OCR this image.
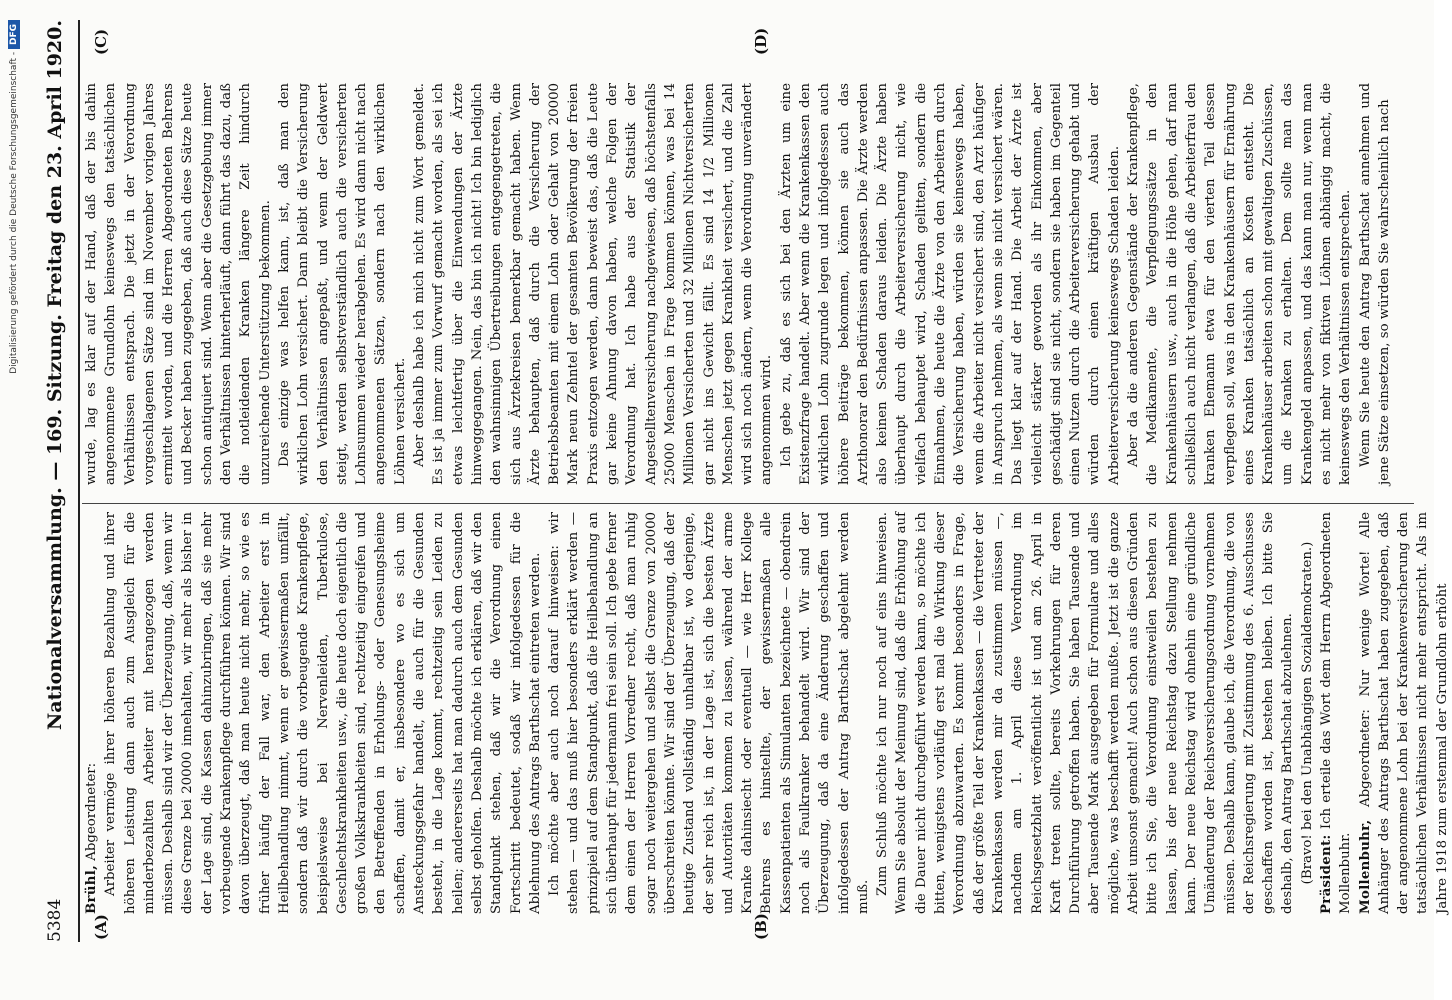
Digitalisierung gefördert durch die Deutsche Forschungsgemeinschaft - DFG
5384
Nationalversammlung. — 169. Sitzung. Freitag den 23. April 1920.
(A)	(B)
(C)	(D)

Brühl, Abgeordneter: Arbeiter vermöge ihrer höheren Bezahlung und ihrer höheren Leistung dann auch zum Ausgleich für die minderbezahlten Arbeiter mit herangezogen werden müssen. Deshalb sind wir der Überzeugung, daß, wenn wir diese Grenze bei 20000 innehalten, wir mehr als bisher in der Lage sind, die Kassen dahinzubringen, daß sie mehr vorbeugende Krankenpflege durchführen können. Wir sind davon überzeugt, daß man heute nicht mehr, so wie es früher häufig der Fall war, den Arbeiter erst in Heilbehandlung nimmt, wenn er gewissermaßen umfällt, sondern daß wir durch die vorbeugende Krankenpflege, beispielsweise bei Nervenleiden, Tuberkulose, Geschlechtskrankheiten usw., die heute doch eigentlich die großen Volkskrankheiten sind, rechtzeitig eingreifen und den Betreffenden in Erholungs- oder Genesungsheime schaffen, damit er, insbesondere wo es sich um Ansteckungsgefahr handelt, die auch für die Gesunden besteht, in die Lage kommt, rechtzeitig sein Leiden zu heilen; andererseits hat man dadurch auch dem Gesunden selbst geholfen. Deshalb möchte ich erklären, daß wir den Standpunkt stehen, daß wir die Verordnung einen Fortschritt bedeutet, sodaß wir infolgedessen für die Ablehnung des Antrags Barthschat eintreten werden. Ich möchte aber auch noch darauf hinweisen: wir stehen — und das muß hier besonders erklärt werden — prinzipiell auf dem Standpunkt, daß die Heilbehandlung an sich überhaupt für jedermann frei sein soll. Ich gebe ferner dem einen der Herren Vorredner recht, daß man ruhig sogar noch weitergehen und selbst die Grenze von 20000 überschreiten könnte. Wir sind der Überzeugung, daß der heutige Zustand vollständig unhaltbar ist, wo derjenige, der sehr reich ist, in der Lage ist, sich die besten Ärzte und Autoritäten kommen zu lassen, während der arme Kranke dahinsiecht oder eventuell — wie Herr Kollege Behrens es hinstellte, der gewissermaßen alle Kassenpatienten als Simulanten bezeichnete — obendrein noch als Faulkranker behandelt wird. Wir sind der Überzeugung, daß da eine Änderung geschaffen und infolgedessen der Antrag Barthschat abgelehnt werden muß.

Zum Schluß möchte ich nur noch auf eins hinweisen. Wenn Sie absolut der Meinung sind, daß die Erhöhung auf die Dauer nicht durchgeführt werden kann, so möchte ich bitten, wenigstens vorläufig erst mal die Wirkung dieser Verordnung abzuwarten. Es kommt besonders in Frage, daß der größte Teil der Krankenkassen — die Vertreter der Krankenkassen werden mir da zustimmen müssen —, nachdem am 1. April diese Verordnung im Reichsgesetzblatt veröffentlicht ist und am 26. April in Kraft treten sollte, bereits Vorkehrungen für deren Durchführung getroffen haben. Sie haben Tausende und aber Tausende Mark ausgegeben für Formulare und alles mögliche, was beschafft werden mußte. Jetzt ist die ganze Arbeit umsonst gemacht! Auch schon aus diesen Gründen bitte ich Sie, die Verordnung einstweilen bestehen zu lassen, bis der neue Reichstag dazu Stellung nehmen kann. Der neue Reichstag wird ohnehin eine gründliche Umänderung der Reichsversicherungsordnung vornehmen müssen. Deshalb kann, glaube ich, die Verordnung, die von der Reichsregierung mit Zustimmung des 6. Ausschusses geschaffen worden ist, bestehen bleiben. Ich bitte Sie deshalb, den Antrag Barthschat abzulehnen. (Bravo! bei den Unabhängigen Sozialdemokraten.) Präsident: Ich erteile das Wort dem Herrn Abgeordneten Mollenbuhr. Mollenbuhr, Abgeordneter: Nur wenige Worte! Alle Anhänger des Antrags Barthschat haben zugegeben, daß der angenommene Lohn bei der Krankenversicherung den tatsächlichen Verhältnissen nicht mehr entspricht. Als im Jahre 1918 zum erstenmal der Grundlohn erhöht

wurde, lag es klar auf der Hand, daß der bis dahin angenommene Grundlohn keineswegs den tatsächlichen Verhältnissen entsprach. Die jetzt in der Verordnung vorgeschlagenen Sätze sind im November vorigen Jahres ermittelt worden, und die Herren Abgeordneten Behrens und Becker haben zugegeben, daß auch diese Sätze heute schon antiquiert sind. Wenn aber die Gesetzgebung immer den Verhältnissen hinterherläuft, dann führt das dazu, daß die notleidenden Kranken längere Zeit hindurch unzureichende Unterstützung bekommen. Das einzige was helfen kann, ist, daß man den wirklichen Lohn versichert. Dann bleibt die Versicherung den Verhältnissen angepaßt, und wenn der Geldwert steigt, werden selbstverständlich auch die versicherten Lohnsummen wieder herabgehen. Es wird dann nicht nach angenommenen Sätzen, sondern nach den wirklichen Löhnen versichert. Aber deshalb habe ich mich nicht zum Wort gemeldet. Es ist ja immer zum Vorwurf gemacht worden, als sei ich etwas leichtfertig über die Einwendungen der Ärzte hinweggegangen. Nein, das bin ich nicht! Ich bin lediglich den wahnsinnigen Übertreibungen entgegengetreten, die sich aus Ärztekreisen bemerkbar gemacht haben. Wenn Ärzte behaupten, daß durch die Versicherung der Betriebsbeamten mit einem Lohn oder Gehalt von 20000 Mark neun Zehntel der gesamten Bevölkerung der freien Praxis entzogen werden, dann beweist das, daß die Leute gar keine Ahnung davon haben, welche Folgen der Verordnung hat. Ich habe aus der Statistik der Angestelltenversicherung nachgewiesen, daß höchstenfalls 25000 Menschen in Frage kommen können, was bei 14 Millionen Versicherten und 32 Millionen Nichtversicherten gar nicht ins Gewicht fällt. Es sind 14 1/2 Millionen Menschen jetzt gegen Krankheit versichert, und die Zahl wird sich noch ändern, wenn die Verordnung unverändert angenommen wird. Ich gebe zu, daß es sich bei den Ärzten um eine Existenzfrage handelt. Aber wenn die Krankenkassen den wirklichen Lohn zugrunde legen und infolgedessen auch höhere Beiträge bekommen, können sie auch das Arzthonorar den Bedürfnissen anpassen. Die Ärzte werden also keinen Schaden daraus leiden. Die Ärzte haben überhaupt durch die Arbeiterversicherung nicht, wie vielfach behauptet wird, Schaden gelitten, sondern die Einnahmen, die heute die Ärzte von den Arbeitern durch die Versicherung haben, würden sie keineswegs haben, wenn die Arbeiter nicht versichert sind, den Arzt häufiger in Anspruch nehmen, als wenn sie nicht versichert wären. Das liegt klar auf der Hand. Die Arbeit der Ärzte ist vielleicht stärker geworden als ihr Einkommen, aber geschädigt sind sie nicht, sondern sie haben im Gegenteil einen Nutzen durch die Arbeiterversicherung gehabt und würden durch einen kräftigen Ausbau der Arbeiterversicherung keineswegs Schaden leiden. Aber da die anderen Gegenstände der Krankenpflege, die Medikamente, die Verpflegungssätze in den Krankenhäusern usw., auch in die Höhe gehen, darf man schließlich auch nicht verlangen, daß die Arbeiterfrau den kranken Ehemann etwa für den vierten Teil dessen verpflegen soll, was in den Krankenhäusern für Ernährung eines Kranken tatsächlich an Kosten entsteht. Die Krankenhäuser arbeiten schon mit gewaltigen Zuschüssen, um die Kranken zu erhalten. Dem sollte man das Krankengeld anpassen, und das kann man nur, wenn man es nicht mehr von fiktiven Löhnen abhängig macht, die keineswegs den Verhältnissen entsprechen. Wenn Sie heute den Antrag Barthschat annehmen und jene Sätze einsetzen, so würden Sie wahrscheinlich nach
